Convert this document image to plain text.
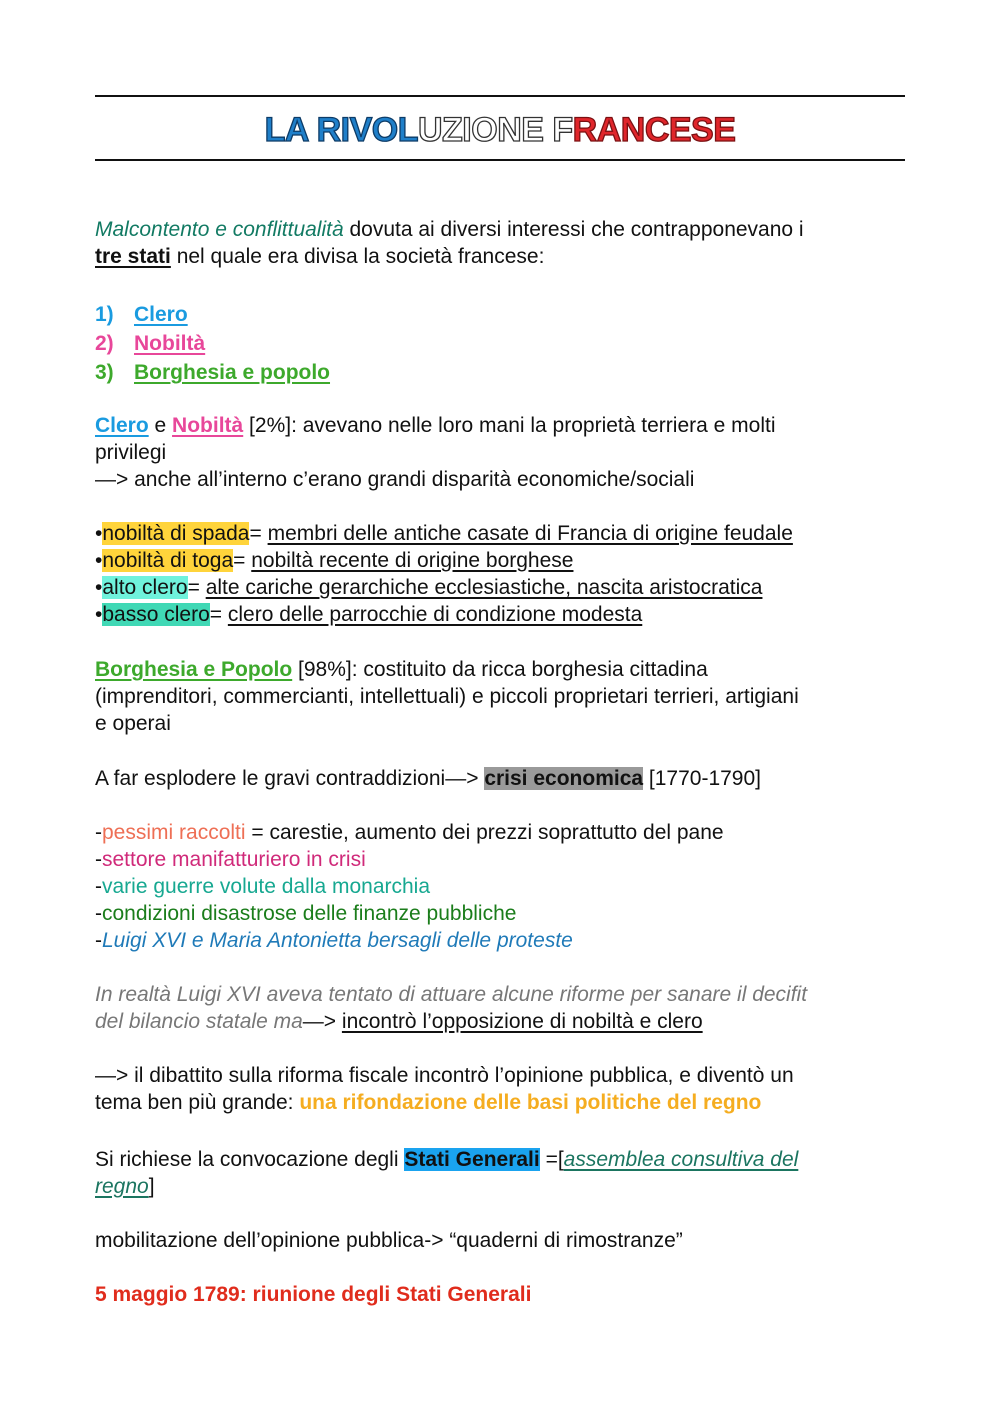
LA RIVOLUZIONE FRANCESE
Malcontento e conflittualità dovuta ai diversi interessi che contrapponevano i
tre stati nel quale era divisa la società francese:
1) Clero
2) Nobiltà
3) Borghesia e popolo
Clero e Nobiltà [2%]: avevano nelle loro mani la proprietà terriera e molti
privilegi
—> anche all’interno c’erano grandi disparità economiche/sociali
•nobiltà di spada= membri delle antiche casate di Francia di origine feudale
•nobiltà di toga= nobiltà recente di origine borghese
•alto clero= alte cariche gerarchiche ecclesiastiche, nascita aristocratica
•basso clero= clero delle parrocchie di condizione modesta
Borghesia e Popolo [98%]: costituito da ricca borghesia cittadina
(imprenditori, commercianti, intellettuali) e piccoli proprietari terrieri, artigiani
e operai
A far esplodere le gravi contraddizioni—> crisi economica [1770-1790]
-pessimi raccolti = carestie, aumento dei prezzi soprattutto del pane
-settore manifatturiero in crisi
-varie guerre volute dalla monarchia
-condizioni disastrose delle finanze pubbliche
-Luigi XVI e Maria Antonietta bersagli delle proteste
In realtà Luigi XVI aveva tentato di attuare alcune riforme per sanare il decifit
del bilancio statale ma—> incontrò l’opposizione di nobiltà e clero
—> il dibattito sulla riforma fiscale incontrò l’opinione pubblica, e diventò un
tema ben più grande: una rifondazione delle basi politiche del regno
Si richiese la convocazione degli Stati Generali =[assemblea consultiva del
regno]
mobilitazione dell’opinione pubblica-> “quaderni di rimostranze”
5 maggio 1789: riunione degli Stati Generali
